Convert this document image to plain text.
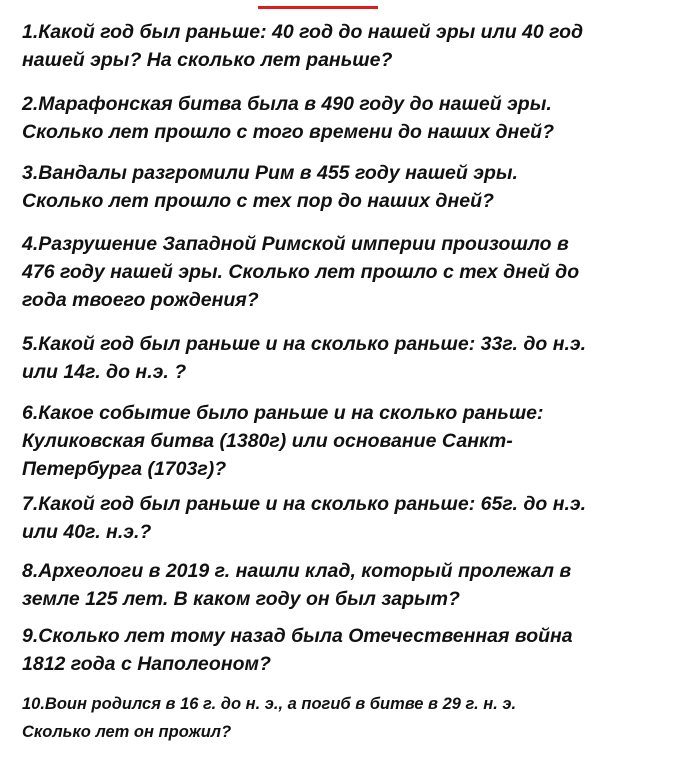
1.Какой год был раньше: 40 год до нашей эры или 40 год
нашей эры? На сколько лет раньше?
2.Марафонская битва была в 490 году до нашей эры.
Сколько лет прошло с того времени до наших дней?
3.Вандалы разгромили Рим в 455 году нашей эры.
Сколько лет прошло с тех пор до наших дней?
4.Разрушение Западной Римской империи произошло в
476 году нашей эры. Сколько лет прошло с тех дней до
года твоего рождения?
5.Какой год был раньше и на сколько раньше: 33г. до н.э.
или 14г. до н.э. ?
6.Какое событие было раньше и на сколько раньше:
Куликовская битва (1380г) или основание Санкт-
Петербурга (1703г)?
7.Какой год был раньше и на сколько раньше: 65г. до н.э.
или 40г. н.э.?
8.Археологи в 2019 г. нашли клад, который пролежал в
земле 125 лет. В каком году он был зарыт?
9.Сколько лет тому назад была Отечественная война
1812 года с Наполеоном?
10.Воин родился в 16 г. до н. э., а погиб в битве в 29 г. н. э.
Сколько лет он прожил?
